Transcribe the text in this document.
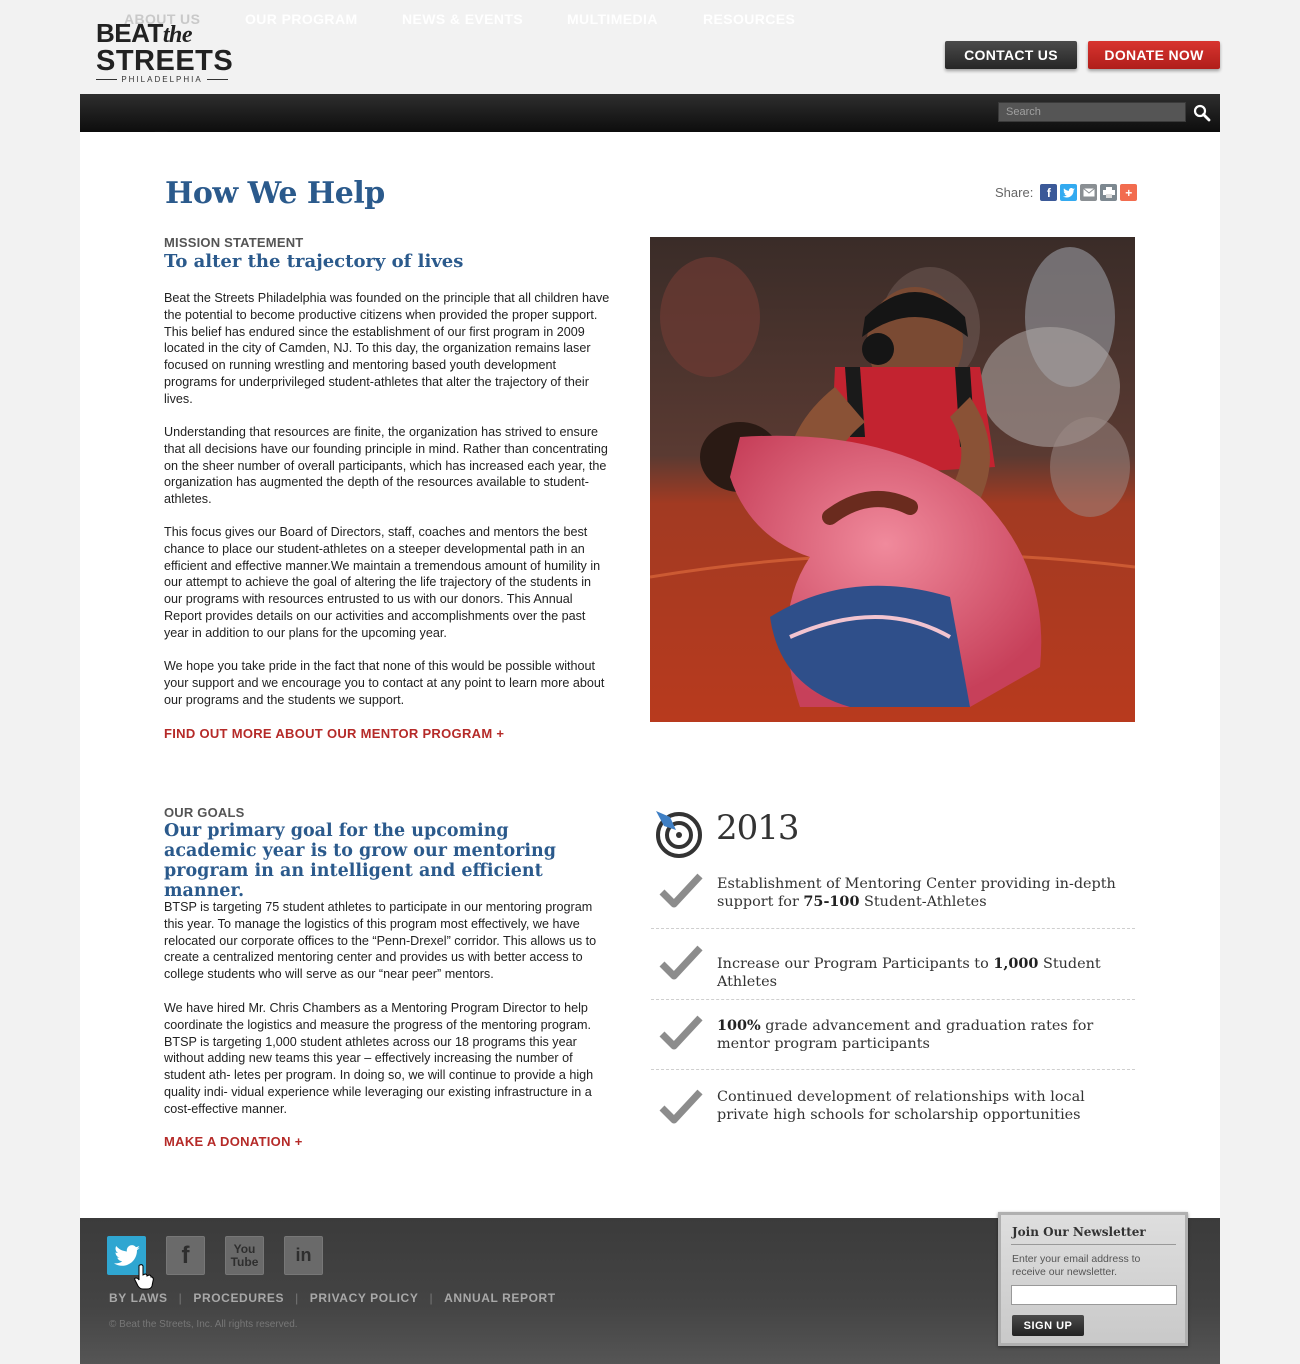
BEATthe
STREETS
PHILADELPHIA
CONTACT US	DONATE NOW
ABOUT US	OUR PROGRAM	NEWS & EVENTS	MULTIMEDIA	RESOURCES
Search
How We Help	Share:	f	+
MISSION STATEMENT
To alter the trajectory of lives

Beat the Streets Philadelphia was founded on the principle that all children have the potential to become productive citizens when provided the proper support. This belief has endured since the establishment of our first program in 2009 located in the city of Camden, NJ. To this day, the organization remains laser focused on running wrestling and mentoring based youth development programs for underprivileged student-athletes that alter the trajectory of their lives.

Understanding that resources are finite, the organization has strived to ensure that all decisions have our founding principle in mind. Rather than concentrating on the sheer number of overall participants, which has increased each year, the organization has augmented the depth of the resources available to student-athletes.

This focus gives our Board of Directors, staff, coaches and mentors the best chance to place our student-athletes on a steeper developmental path in an efficient and effective manner.We maintain a tremendous amount of humility in our attempt to achieve the goal of altering the life trajectory of the students in our programs with resources entrusted to us with our donors. This Annual Report provides details on our activities and accomplishments over the past year in addition to our plans for the upcoming year.

We hope you take pride in the fact that none of this would be possible without your support and we encourage you to contact at any point to learn more about our programs and the students we support.

FIND OUT MORE ABOUT OUR MENTOR PROGRAM +
OUR GOALS
Our primary goal for the upcoming academic year is to grow our mentoring program in an intelligent and efficient manner.

BTSP is targeting 75 student athletes to participate in our mentoring program this year. To manage the logistics of this program most effectively, we have relocated our corporate offices to the “Penn-Drexel” corridor. This allows us to create a centralized mentoring center and provides us with better access to college students who will serve as our “near peer” mentors.

We have hired Mr. Chris Chambers as a Mentoring Program Director to help coordinate the logistics and measure the progress of the mentoring program. BTSP is targeting 1,000 student athletes across our 18 programs this year without adding new teams this year – effectively increasing the number of student ath- letes per program. In doing so, we will continue to provide a high quality indi- vidual experience while leveraging our existing infrastructure in a cost-effective manner.

MAKE A DONATION +
2013
Establishment of Mentoring Center providing in-depth support for 75-100 Student-Athletes
Increase our Program Participants to 1,000 Student Athletes
100% grade advancement and graduation rates for mentor program participants
Continued development of relationships with local private high schools for scholarship opportunities
f	You Tube in
BY LAWS | PROCEDURES | PRIVACY POLICY | ANNUAL REPORT
© Beat the Streets, Inc. All rights reserved.
Join Our Newsletter
Enter your email address to receive our newsletter.
SIGN UP
